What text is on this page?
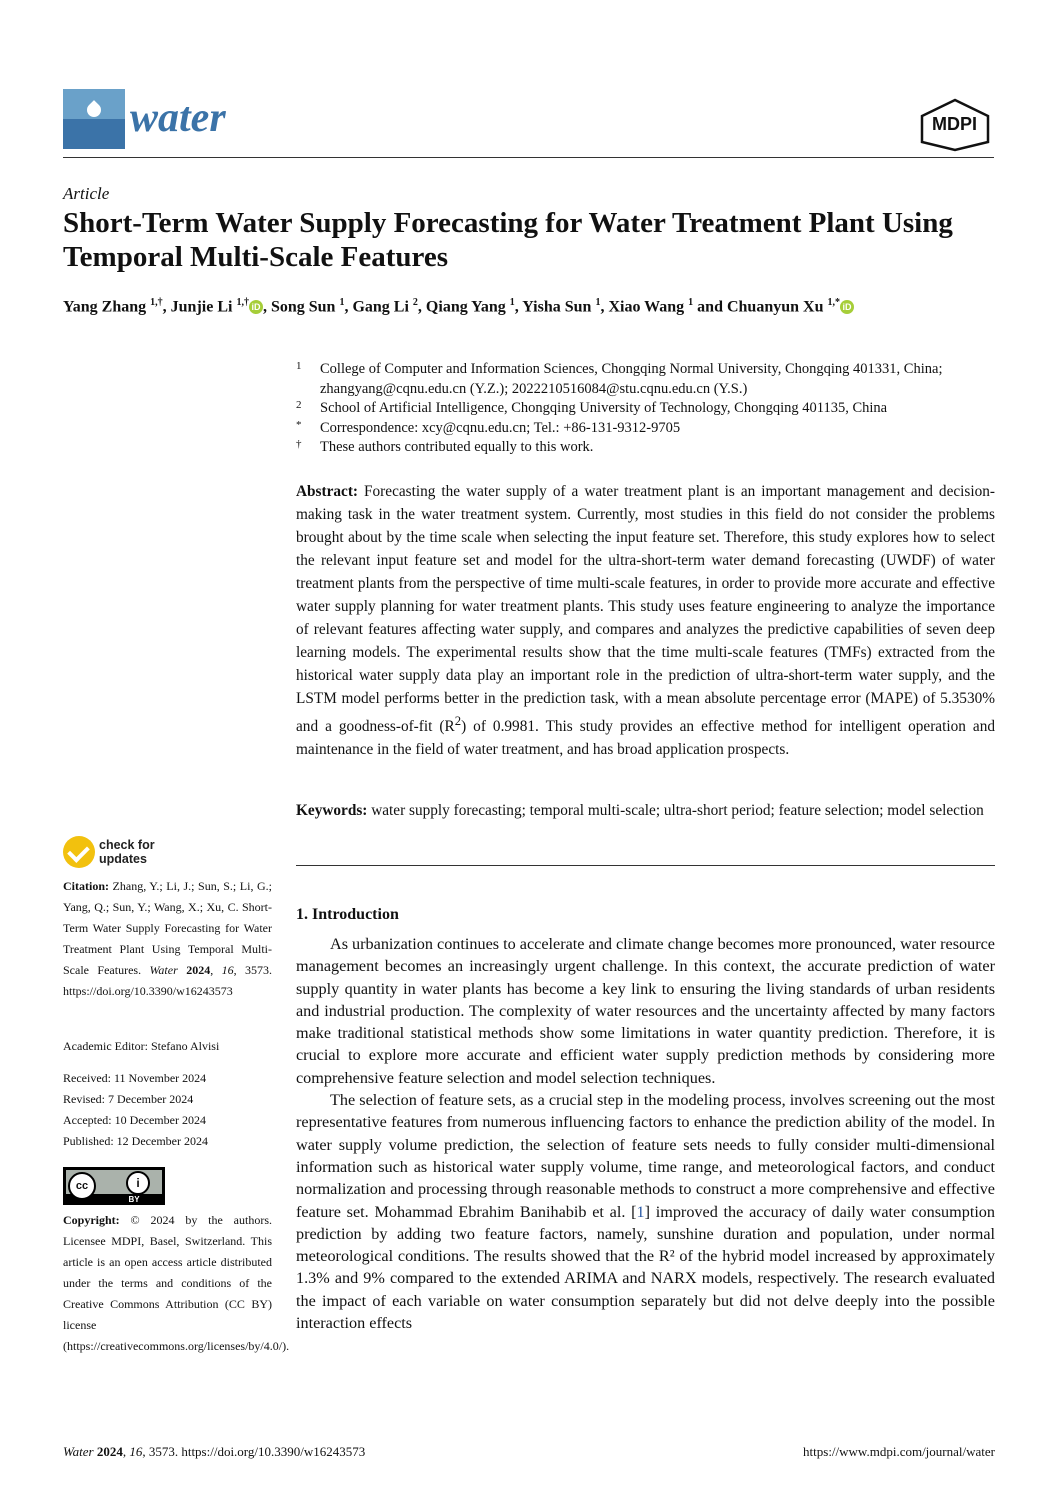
water	MDPI
Article
Short-Term Water Supply Forecasting for Water Treatment Plant Using Temporal Multi-Scale Features
Yang Zhang $^{1,\dagger}$, Junjie Li $^{1,\dagger}$ iD , Song Sun $^1$, Gang Li $^2$, Qiang Yang $^1$, Yisha Sun $^1$, Xiao Wang $^1$ and Chuanyun Xu $^{1,*}$ iD
1	College of Computer and Information Sciences, Chongqing Normal University, Chongqing 401331, China;
zhangyang@cqnu.edu.cn (Y.Z.); 2022210516084@stu.cqnu.edu.cn (Y.S.)
2	School of Artificial Intelligence, Chongqing University of Technology, Chongqing 401135, China
*	Correspondence: xcy@cqnu.edu.cn; Tel.: +86-131-9312-9705
†	These authors contributed equally to this work.
Abstract: Forecasting the water supply of a water treatment plant is an important management and decision-making task in the water treatment system. Currently, most studies in this field do not consider the problems brought about by the time scale when selecting the input feature set. Therefore, this study explores how to select the relevant input feature set and model for the ultra-short-term water demand forecasting (UWDF) of water treatment plants from the perspective of time multi-scale features, in order to provide more accurate and effective water supply planning for water treatment plants. This study uses feature engineering to analyze the importance of relevant features affecting water supply, and compares and analyzes the predictive capabilities of seven deep learning models. The experimental results show that the time multi-scale features (TMFs) extracted from the historical water supply data play an important role in the prediction of ultra-short-term water supply, and the LSTM model performs better in the prediction task, with a mean absolute percentage error (MAPE) of 5.3530% and a goodness-of-fit $(R^2)$ of 0.9981. This study provides an effective method for intelligent operation and maintenance in the field of water treatment, and has broad application prospects.
Keywords: water supply forecasting; temporal multi-scale; ultra-short period; feature selection; model selection
check for
updates
Citation: Zhang, Y.; Li, J.; Sun, S.; Li, G.; Yang, Q.; Sun, Y.; Wang, X.; Xu, C. Short-Term Water Supply Forecasting for Water Treatment Plant Using Temporal Multi-Scale Features. Water 2024, 16, 3573. https://doi.org/10.3390/w16243573
Academic Editor: Stefano Alvisi
Received: 11 November 2024
Revised: 7 December 2024
Accepted: 10 December 2024
Published: 12 December 2024
cc	i
BY
Copyright: © 2024 by the authors. Licensee MDPI, Basel, Switzerland. This article is an open access article distributed under the terms and conditions of the Creative Commons Attribution (CC BY) license (https://creativecommons.org/licenses/by/4.0/).
1. Introduction

As urbanization continues to accelerate and climate change becomes more pronounced, water resource management becomes an increasingly urgent challenge. In this context, the accurate prediction of water supply quantity in water plants has become a key link to ensuring the living standards of urban residents and industrial production. The complexity of water resources and the uncertainty affected by many factors make traditional statistical methods show some limitations in water quantity prediction. Therefore, it is crucial to explore more accurate and efficient water supply prediction methods by considering more comprehensive feature selection and model selection techniques.

The selection of feature sets, as a crucial step in the modeling process, involves screening out the most representative features from numerous influencing factors to enhance the prediction ability of the model. In water supply volume prediction, the selection of feature sets needs to fully consider multi-dimensional information such as historical water supply volume, time range, and meteorological factors, and conduct normalization and processing through reasonable methods to construct a more comprehensive and effective feature set. Mohammad Ebrahim Banihabib et al. [1] improved the accuracy of daily water consumption prediction by adding two feature factors, namely, sunshine duration and population, under normal meteorological conditions. The results showed that the R² of the hybrid model increased by approximately 1.3% and 9% compared to the extended ARIMA and NARX models, respectively. The research evaluated the impact of each variable on water consumption separately but did not delve deeply into the possible interaction effects

Water 2024, 16, 3573. https://doi.org/10.3390/w16243573	https://www.mdpi.com/journal/water
